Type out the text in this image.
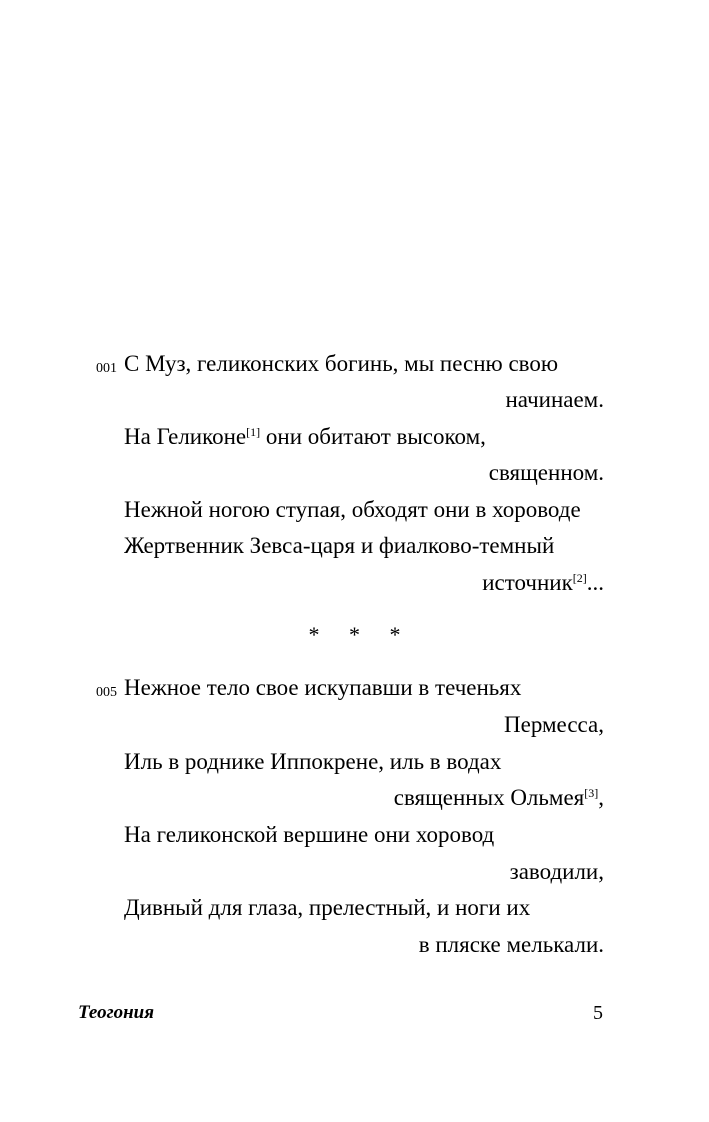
001 С Муз, геликонских богинь, мы песню свою
начинаем.
На Геликоне[1] они обитают высоком,
священном.
Нежной ногою ступая, обходят они в хороводе
Жертвенник Зевса-царя и фиалково-темный
источник[2]...
* * *
005 Нежное тело свое искупавши в теченьях
Пермесса,
Иль в роднике Иппокрене, иль в водах
священных Ольмея[3],
На геликонской вершине они хоровод
заводили,
Дивный для глаза, прелестный, и ноги их
в пляске мелькали.
Теогония	5
